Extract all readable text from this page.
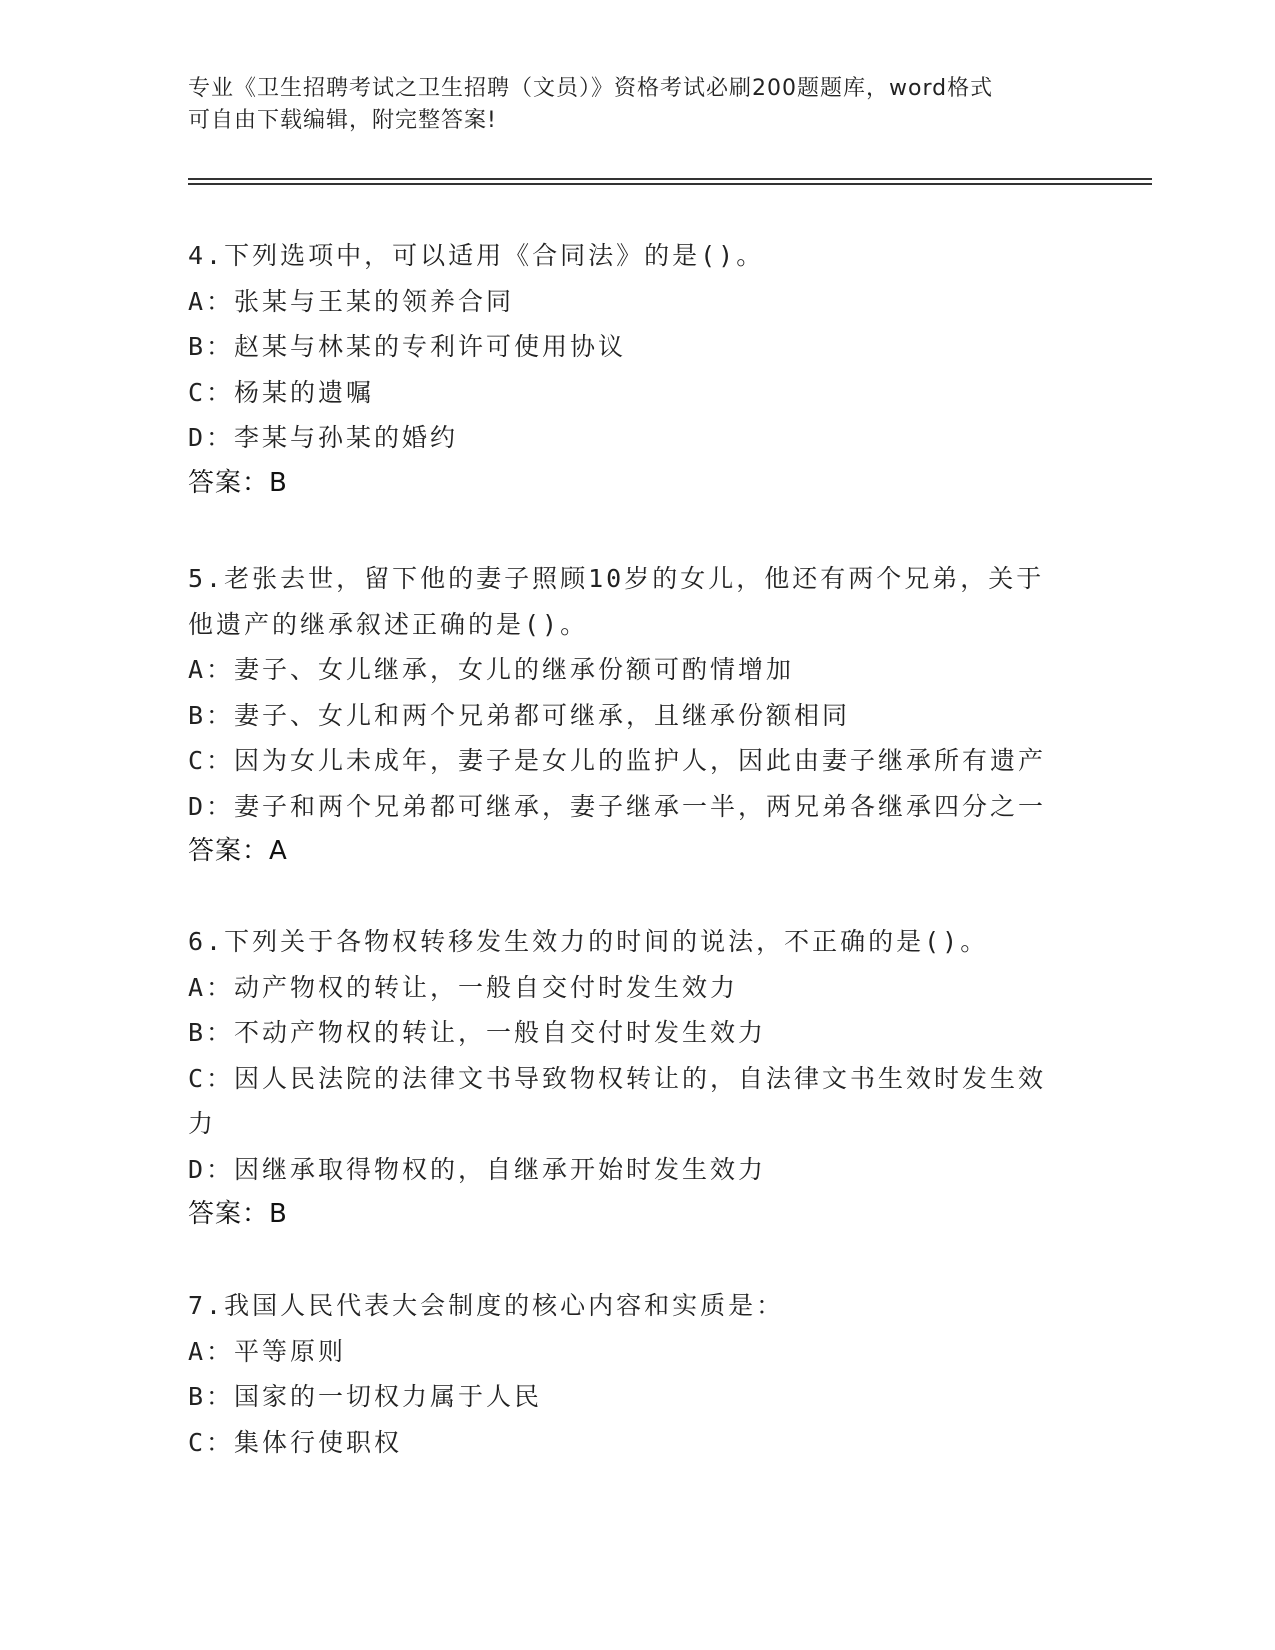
专业《卫生招聘考试之卫生招聘（文员）》资格考试必刷200题题库，word格式
可自由下载编辑，附完整答案!
4.下列选项中，可以适用《合同法》的是()。
A：张某与王某的领养合同
B：赵某与林某的专利许可使用协议
C：杨某的遗嘱
D：李某与孙某的婚约
答案：B
5.老张去世，留下他的妻子照顾10岁的女儿，他还有两个兄弟，关于
他遗产的继承叙述正确的是()。
A：妻子、女儿继承，女儿的继承份额可酌情增加
B：妻子、女儿和两个兄弟都可继承，且继承份额相同
C：因为女儿未成年，妻子是女儿的监护人，因此由妻子继承所有遗产
D：妻子和两个兄弟都可继承，妻子继承一半，两兄弟各继承四分之一
答案：A
6.下列关于各物权转移发生效力的时间的说法，不正确的是()。
A：动产物权的转让，一般自交付时发生效力
B：不动产物权的转让，一般自交付时发生效力
C：因人民法院的法律文书导致物权转让的，自法律文书生效时发生效
力
D：因继承取得物权的，自继承开始时发生效力
答案：B
7.我国人民代表大会制度的核心内容和实质是：
A：平等原则
B：国家的一切权力属于人民
C：集体行使职权
